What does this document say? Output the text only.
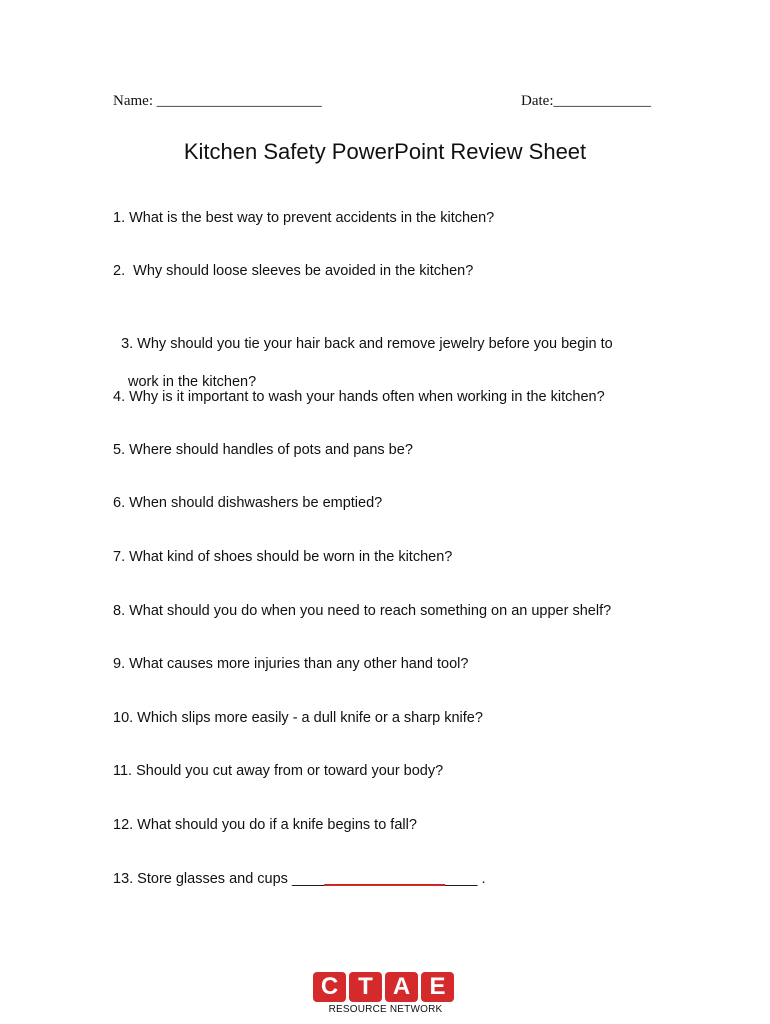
Name: ______________________	Date:_____________
Kitchen Safety PowerPoint Review Sheet
1. What is the best way to prevent accidents in the kitchen?
2.  Why should loose sleeves be avoided in the kitchen?

3. Why should you tie your hair back and remove jewelry before you begin to

work in the kitchen?

4. Why is it important to wash your hands often when working in the kitchen?
5. Where should handles of pots and pans be?
6. When should dishwashers be emptied?
7. What kind of shoes should be worn in the kitchen?
8. What should you do when you need to reach something on an upper shelf?
9. What causes more injuries than any other hand tool?
10. Which slips more easily - a dull knife or a sharp knife?
11. Should you cut away from or toward your body?
12. What should you do if a knife begins to fall?
13. Store glasses and cups _______________________ .
C T A E
RESOURCE NETWORK
